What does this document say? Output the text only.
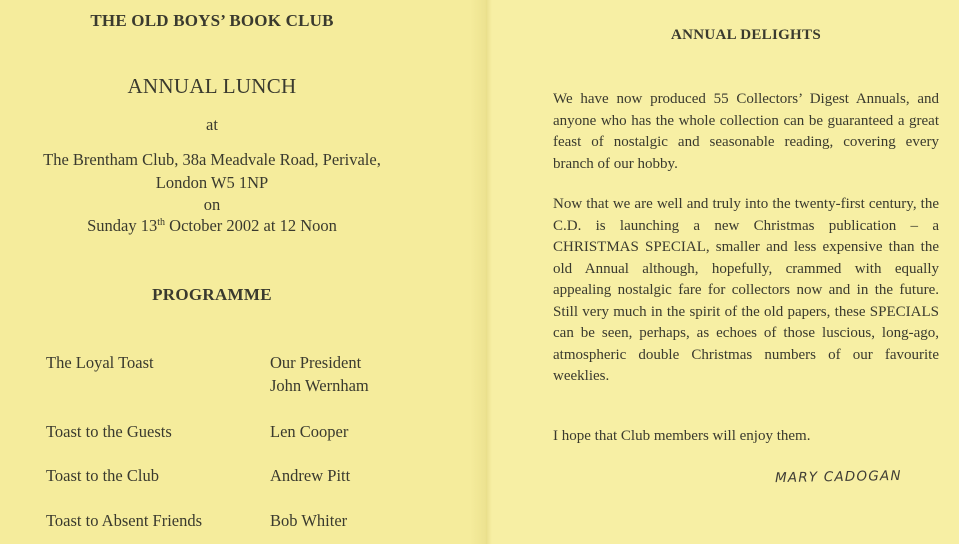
THE OLD BOYS’ BOOK CLUB
ANNUAL LUNCH
at
The Brentham Club, 38a Meadvale Road, Perivale,
London W5 1NP
on
Sunday 13th October 2002 at 12 Noon
PROGRAMME
The Loyal Toast	Our President
John Wernham
Toast to the Guests	Len Cooper
Toast to the Club	Andrew Pitt
Toast to Absent Friends	Bob Whiter
ANNUAL DELIGHTS
We have now produced 55 Collectors’ Digest Annuals, and anyone who has the whole collection can be guaranteed a great feast of nostalgic and seasonable reading, covering every branch of our hobby.
Now that we are well and truly into the twenty-first century, the C.D. is launching a new Christmas publication – a CHRISTMAS SPECIAL, smaller and less expensive than the old Annual although, hopefully, crammed with equally appealing nostalgic fare for collectors now and in the future. Still very much in the spirit of the old papers, these SPECIALS can be seen, perhaps, as echoes of those luscious, long-ago, atmospheric double Christmas numbers of our favourite weeklies.
I hope that Club members will enjoy them.
MARY CADOGAN
